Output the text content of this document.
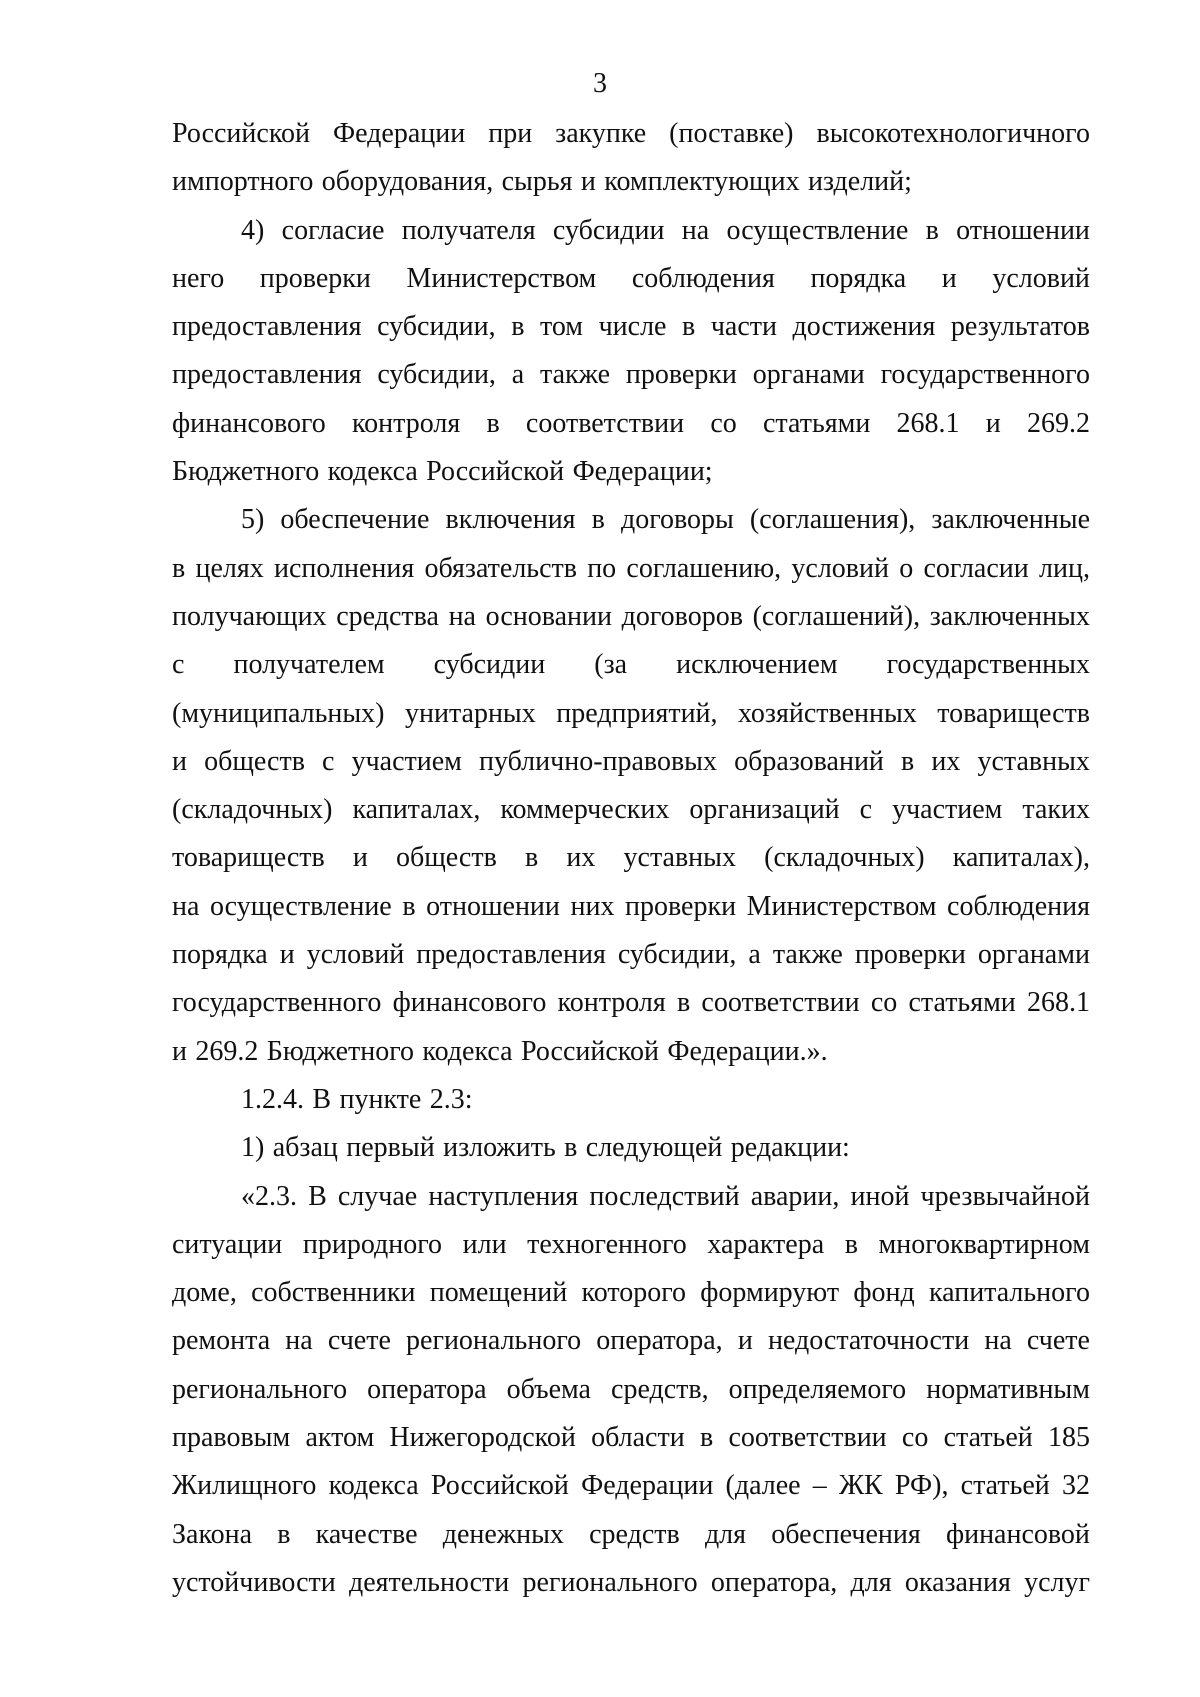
3
Российской Федерации при закупке (поставке) высокотехнологичного
импортного оборудования, сырья и комплектующих изделий;
4) согласие получателя субсидии на осуществление в отношении
него проверки Министерством соблюдения порядка и условий
предоставления субсидии, в том числе в части достижения результатов
предоставления субсидии, а также проверки органами государственного
финансового контроля в соответствии со статьями 268.1 и 269.2
Бюджетного кодекса Российской Федерации;
5) обеспечение включения в договоры (соглашения), заключенные
в целях исполнения обязательств по соглашению, условий о согласии лиц,
получающих средства на основании договоров (соглашений), заключенных
с получателем субсидии (за исключением государственных
(муниципальных) унитарных предприятий, хозяйственных товариществ
и обществ с участием публично-правовых образований в их уставных
(складочных) капиталах, коммерческих организаций с участием таких
товариществ и обществ в их уставных (складочных) капиталах),
на осуществление в отношении них проверки Министерством соблюдения
порядка и условий предоставления субсидии, а также проверки органами
государственного финансового контроля в соответствии со статьями 268.1
и 269.2 Бюджетного кодекса Российской Федерации.».
1.2.4. В пункте 2.3:
1) абзац первый изложить в следующей редакции:
«2.3. В случае наступления последствий аварии, иной чрезвычайной
ситуации природного или техногенного характера в многоквартирном
доме, собственники помещений которого формируют фонд капитального
ремонта на счете регионального оператора, и недостаточности на счете
регионального оператора объема средств, определяемого нормативным
правовым актом Нижегородской области в соответствии со статьей 185
Жилищного кодекса Российской Федерации (далее – ЖК РФ), статьей 32
Закона в качестве денежных средств для обеспечения финансовой
устойчивости деятельности регионального оператора, для оказания услуг
